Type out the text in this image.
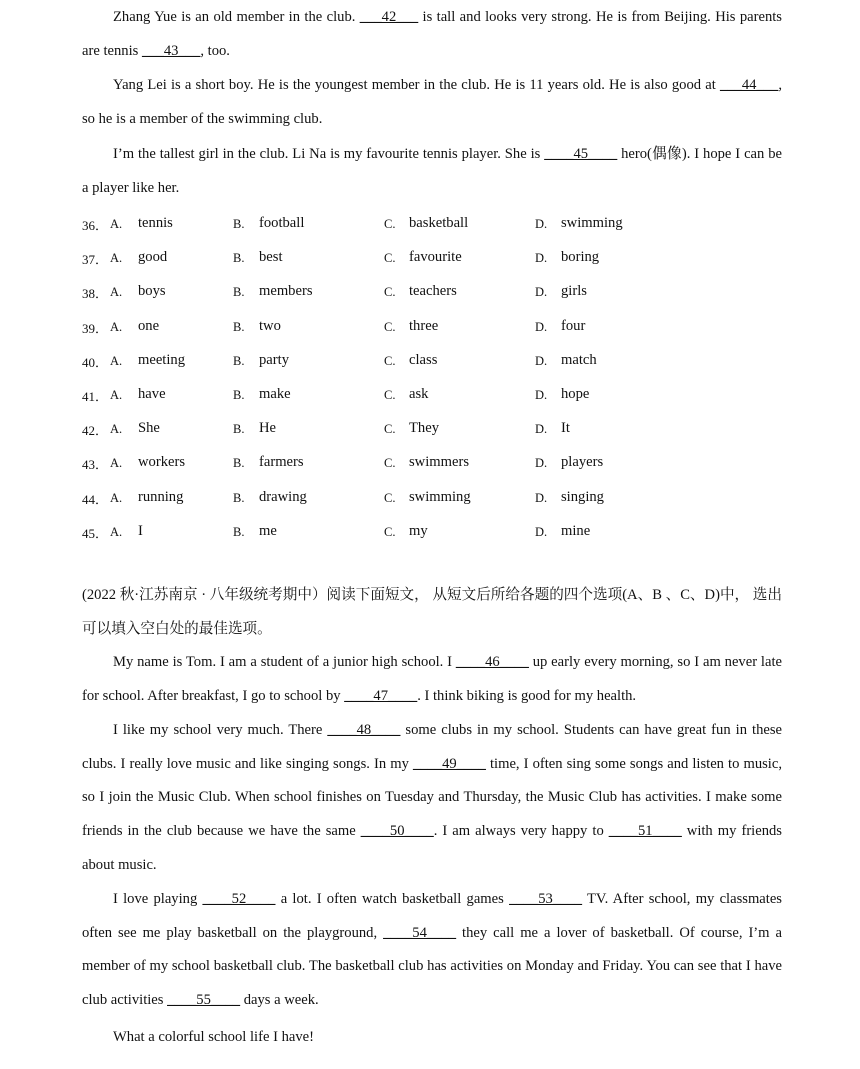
Zhang Yue is an old member in the club. ___42___ is tall and looks very strong. He is from Beijing. His parents are tennis ___43___, too.

Yang Lei is a short boy. He is the youngest member in the club. He is 11 years old. He is also good at ___44___, so he is a member of the swimming club.

I’m the tallest girl in the club. Li Na is my favourite tennis player. She is ____45____ hero(偶像). I hope I can be a player like her.

36． A. tennis	B. football	C. basketball	D. swimming
37． A. good	B. best	C. favourite	D. boring
38． A. boys	B. members	C. teachers	D. girls
39． A. one	B. two	C. three	D. four
40． A. meeting	B. party	C. class	D. match
41． A. have	B. make	C. ask	D. hope
42． A. She	B. He	C. They	D. It
43． A. workers	B. farmers	C. swimmers	D. players
44． A. running	B. drawing	C. swimming	D. singing
45． A. I	B. me	C. my	D. mine

(2022 秋·江苏南京 · 八年级统考期中）阅读下面短文， 从短文后所给各题的四个选项(A、B 、C、D)中， 选出可以填入空白处的最佳选项。

My name is Tom. I am a student of a junior high school. I ____46____ up early every morning, so I am never late for school. After breakfast, I go to school by ____47____. I think biking is good for my health.

I like my school very much. There ____48____ some clubs in my school. Students can have great fun in these clubs. I really love music and like singing songs. In my ____49____ time, I often sing some songs and listen to music, so I join the Music Club. When school finishes on Tuesday and Thursday, the Music Club has activities. I make some friends in the club because we have the same ____50____. I am always very happy to ____51____ with my friends about music.

I love playing ____52____ a lot. I often watch basketball games ____53____ TV. After school, my classmates often see me play basketball on the playground, ____54____ they call me a lover of basketball. Of course, I’m a member of my school basketball club. The basketball club has activities on Monday and Friday. You can see that I have club activities ____55____ days a week.

What a colorful school life I have!
